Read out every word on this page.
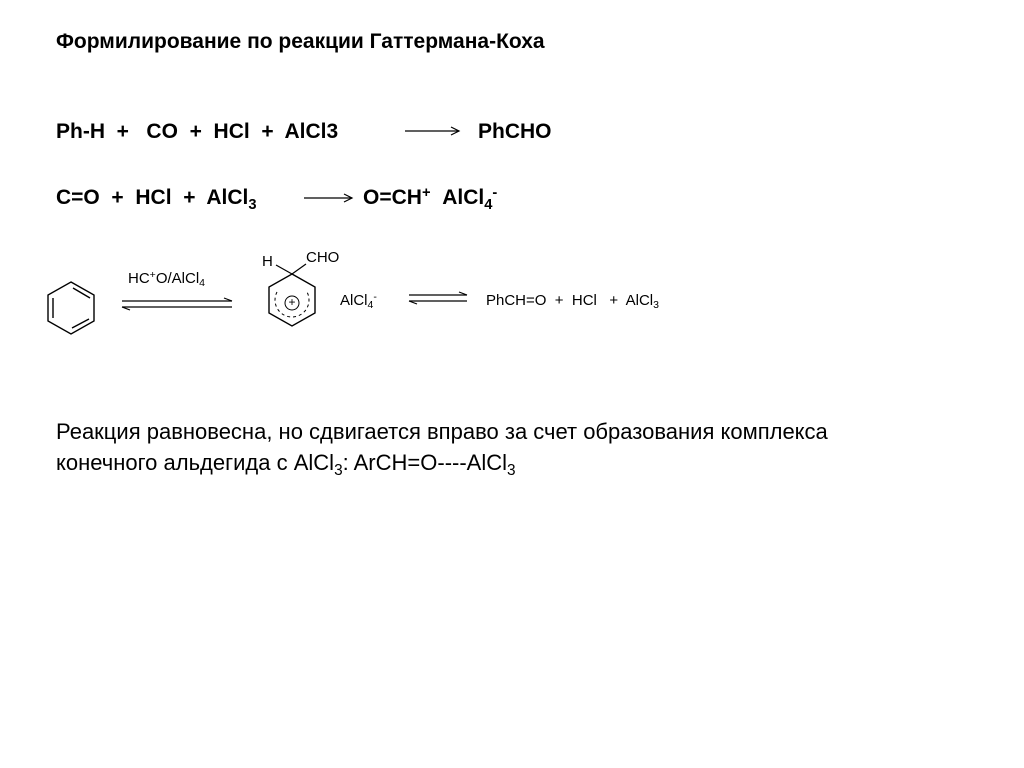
Формилирование по реакции Гаттермана-Коха
Ph-H  +   CO  +  HCl  +  AlCl3	PhCHO
C=O  +  HCl  +  AlCl$_3$	O=CH+ AlCl$_4$-
HC+O/AlCl$_4$
H CHO
+	AlCl$_4$- ⇌ PhCH=O  +  HCl   +  AlCl$_3$
Реакция равновесна, но сдвигается вправо за счет образования комплекса
конечного альдегида с AlCl$_3$: ArCH=O----AlCl$_3$
